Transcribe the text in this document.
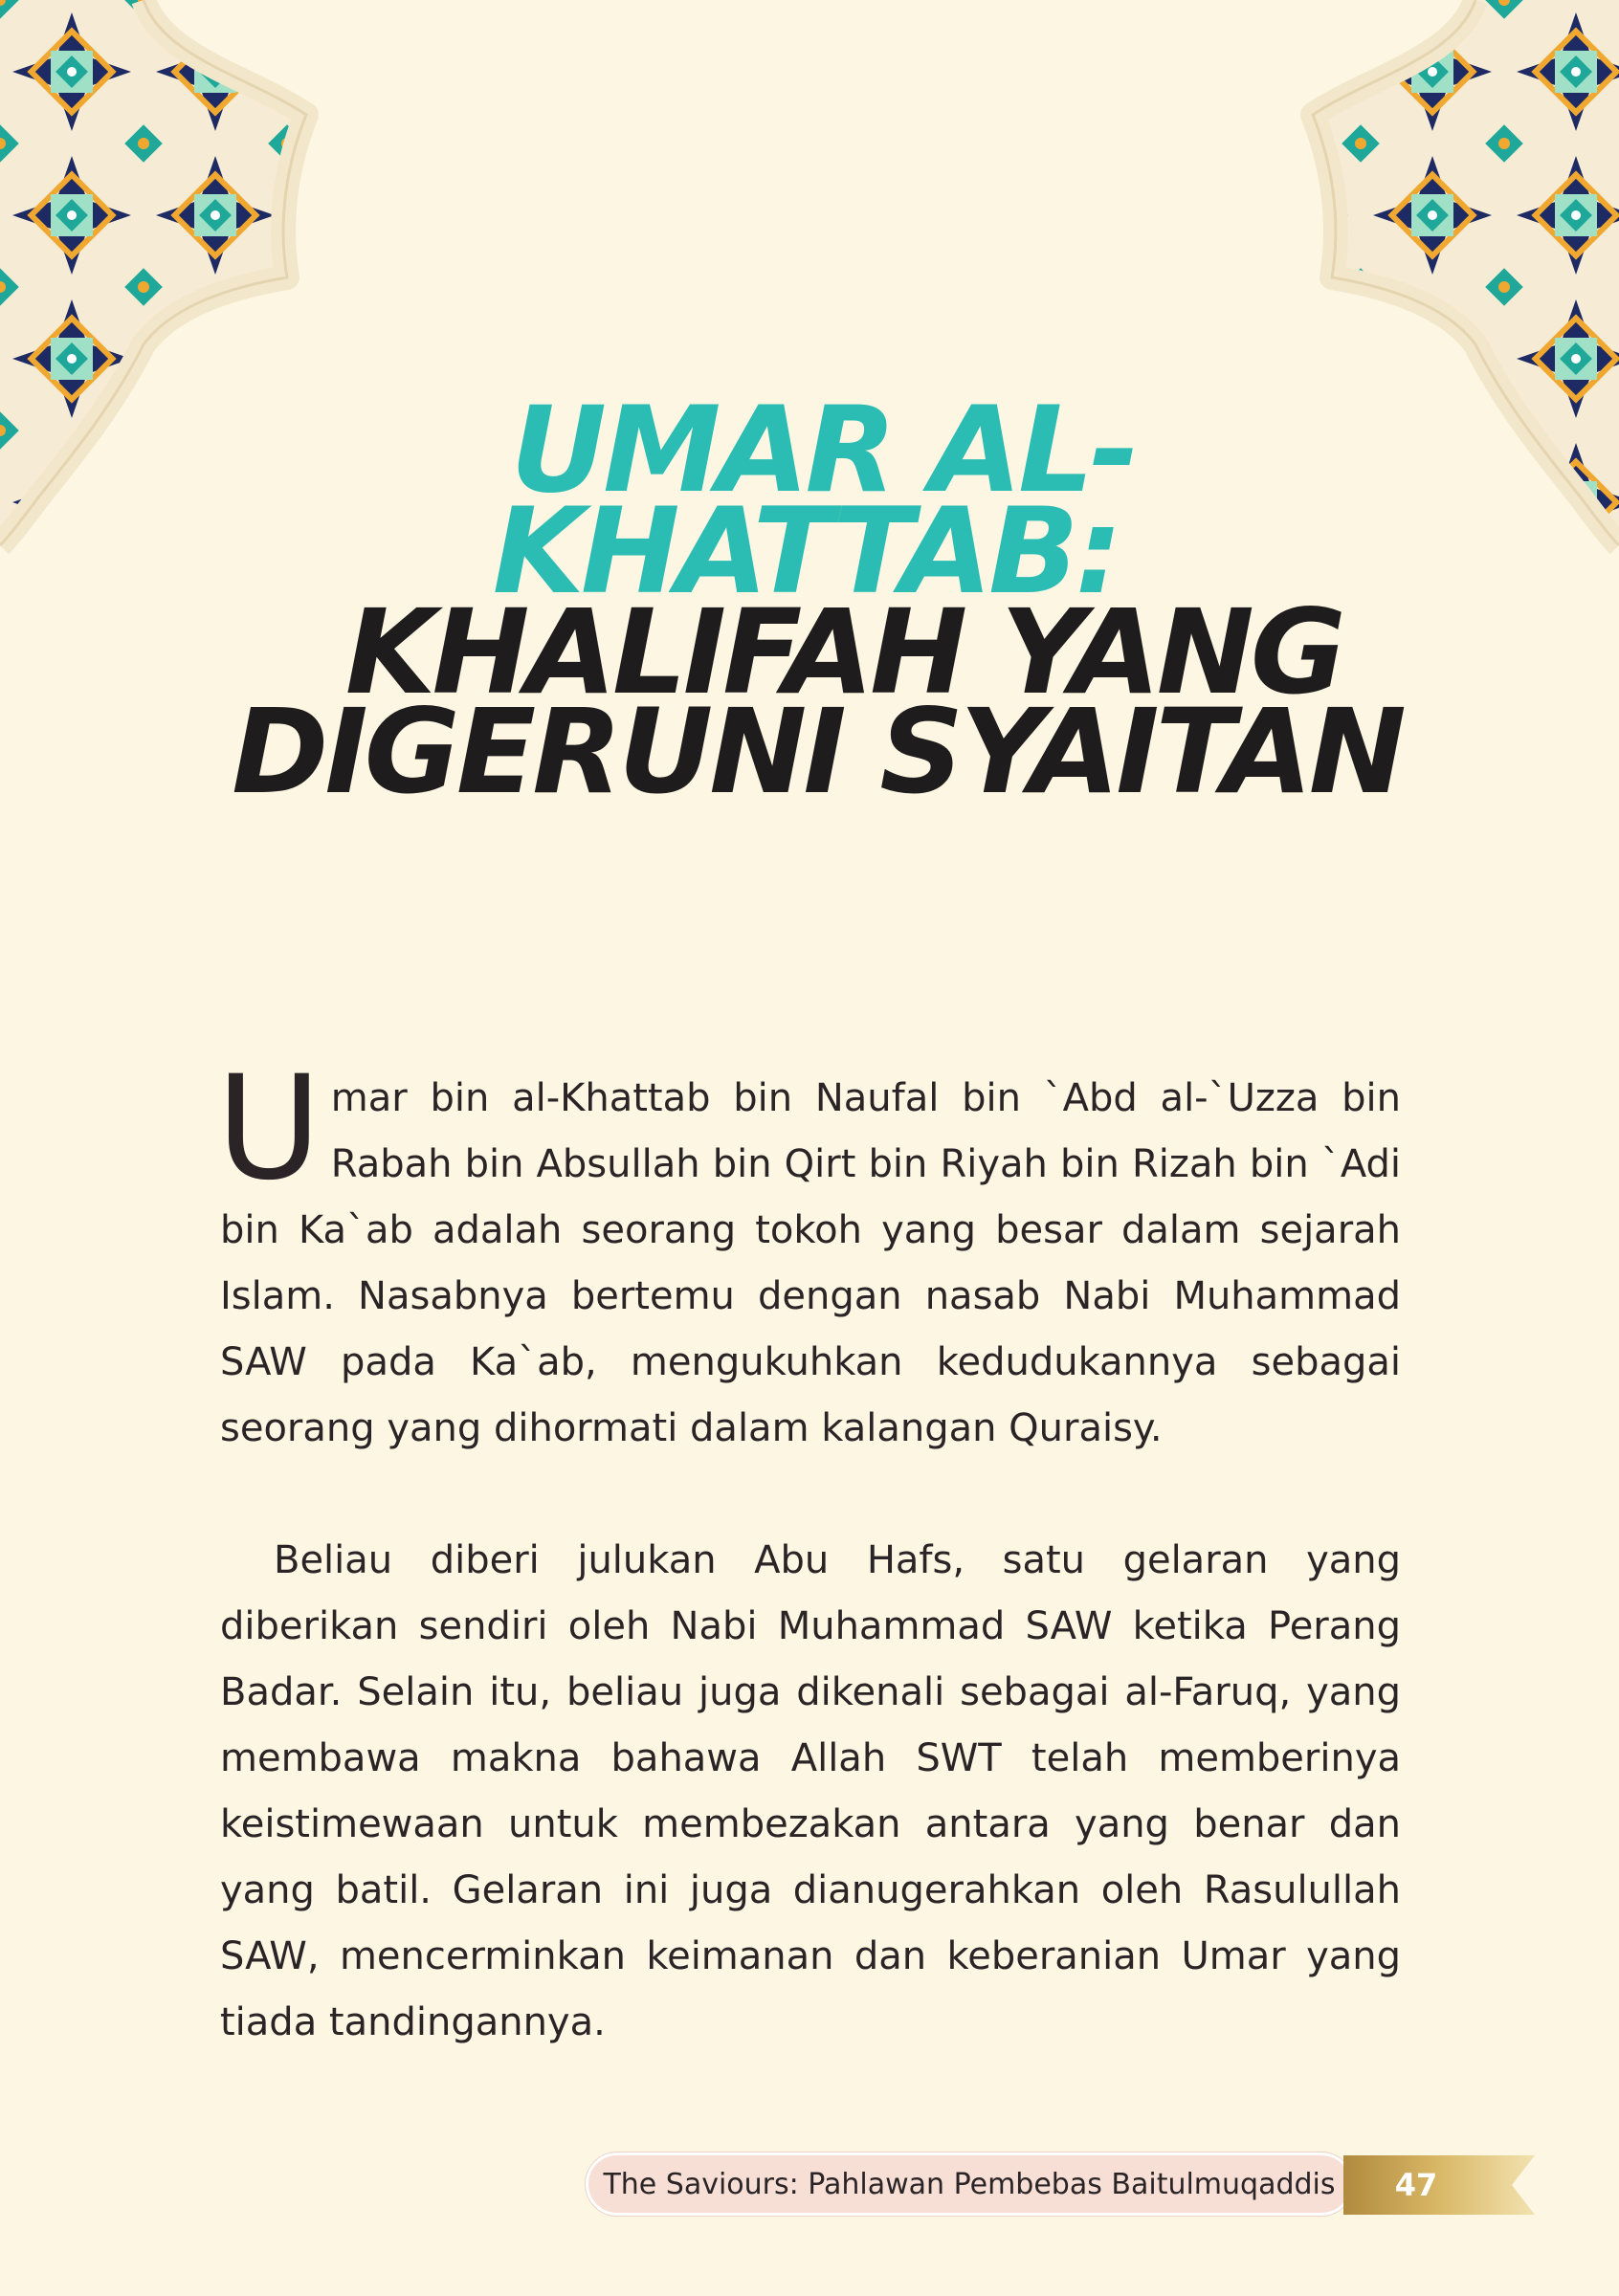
UMAR AL-
KHATTAB:
KHALIFAH YANG
DIGERUNI SYAITAN

Umar bin al-Khattab bin Naufal bin `Abd al-`Uzza bin Rabah bin Absullah bin Qirt bin Riyah bin Rizah bin `Adi bin Ka`ab adalah seorang tokoh yang besar dalam sejarah Islam. Nasabnya bertemu dengan nasab Nabi Muhammad SAW pada Ka`ab, mengukuhkan kedudukannya sebagai seorang yang dihormati dalam kalangan Quraisy.

Beliau diberi julukan Abu Hafs, satu gelaran yang diberikan sendiri oleh Nabi Muhammad SAW ketika Perang Badar. Selain itu, beliau juga dikenali sebagai al-Faruq, yang membawa makna bahawa Allah SWT telah memberinya keistimewaan untuk membezakan antara yang benar dan yang batil. Gelaran ini juga dianugerahkan oleh Rasulullah SAW, mencerminkan keimanan dan keberanian Umar yang tiada tandingannya.

The Saviours: Pahlawan Pembebas Baitulmuqaddis	47
